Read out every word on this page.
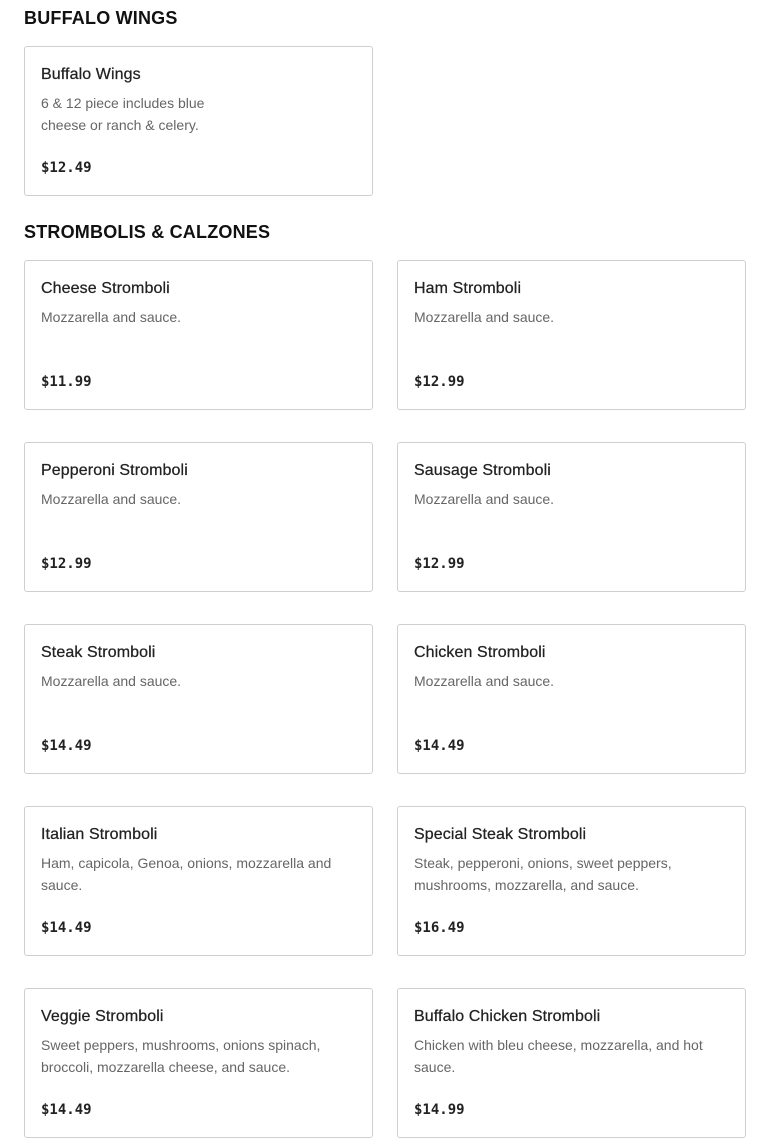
BUFFALO WINGS
Buffalo Wings
6 & 12 piece includes blue cheese or ranch & celery.
$12.49
STROMBOLIS & CALZONES
Cheese Stromboli
Mozzarella and sauce.
$11.99
Ham Stromboli
Mozzarella and sauce.
$12.99
Pepperoni Stromboli
Mozzarella and sauce.
$12.99
Sausage Stromboli
Mozzarella and sauce.
$12.99
Steak Stromboli
Mozzarella and sauce.
$14.49
Chicken Stromboli
Mozzarella and sauce.
$14.49
Italian Stromboli
Ham, capicola, Genoa, onions, mozzarella and sauce.
$14.49
Special Steak Stromboli
Steak, pepperoni, onions, sweet peppers, mushrooms, mozzarella, and sauce.
$16.49
Veggie Stromboli
Sweet peppers, mushrooms, onions spinach, broccoli, mozzarella cheese, and sauce.
$14.49
Buffalo Chicken Stromboli
Chicken with bleu cheese, mozzarella, and hot sauce.
$14.99
